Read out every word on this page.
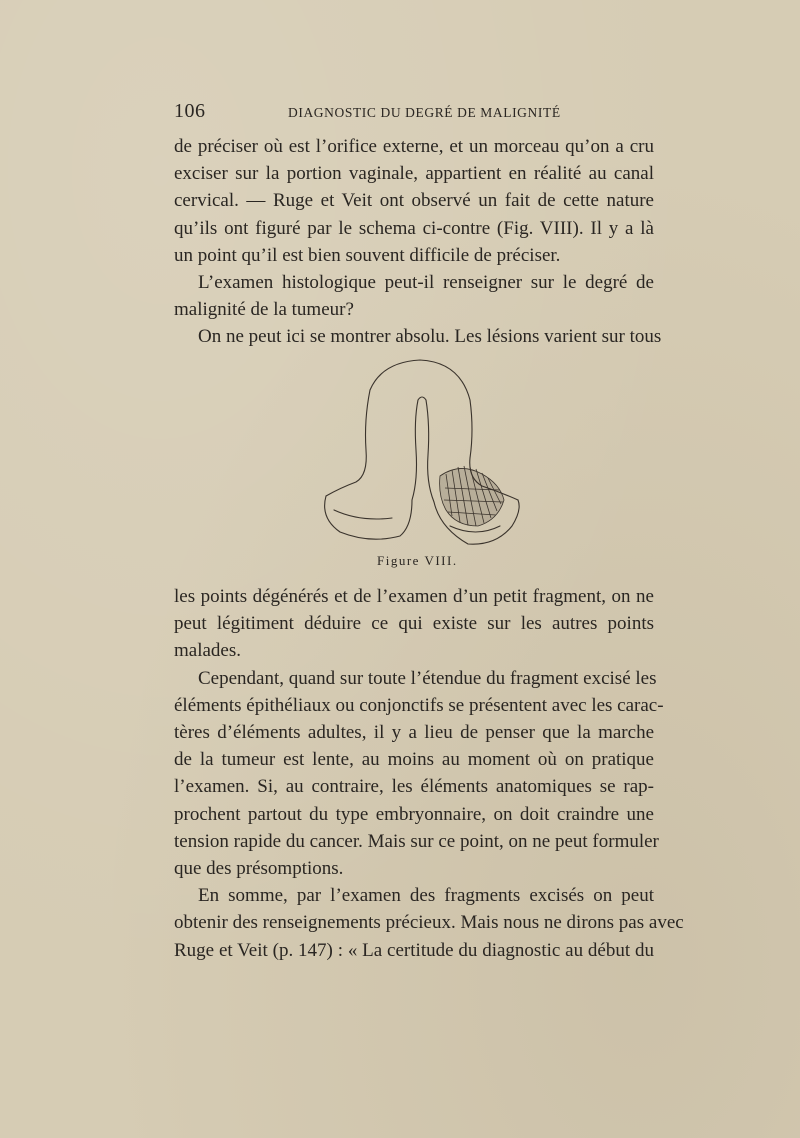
106	DIAGNOSTIC DU DEGRÉ DE MALIGNITÉ
de préciser où est l’orifice externe, et un morceau qu’on a cru
exciser sur la portion vaginale, appartient en réalité au canal
cervical. — Ruge et Veit ont observé un fait de cette nature
qu’ils ont figuré par le schema ci-contre (Fig. VIII). Il y a là
un point qu’il est bien souvent difficile de préciser.
L’examen histologique peut-il renseigner sur le degré de
malignité de la tumeur?
On ne peut ici se montrer absolu. Les lésions varient sur tous
Figure VIII.
les points dégénérés et de l’examen d’un petit fragment, on ne
peut légitiment déduire ce qui existe sur les autres points
malades.
Cependant, quand sur toute l’étendue du fragment excisé les
éléments épithéliaux ou conjonctifs se présentent avec les carac-
tères d’éléments adultes, il y a lieu de penser que la marche
de la tumeur est lente, au moins au moment où on pratique
l’examen. Si, au contraire, les éléments anatomiques se rap-
prochent partout du type embryonnaire, on doit craindre une
tension rapide du cancer. Mais sur ce point, on ne peut formuler
que des présomptions.
En somme, par l’examen des fragments excisés on peut
obtenir des renseignements précieux. Mais nous ne dirons pas avec
Ruge et Veit (p. 147) : « La certitude du diagnostic au début du
